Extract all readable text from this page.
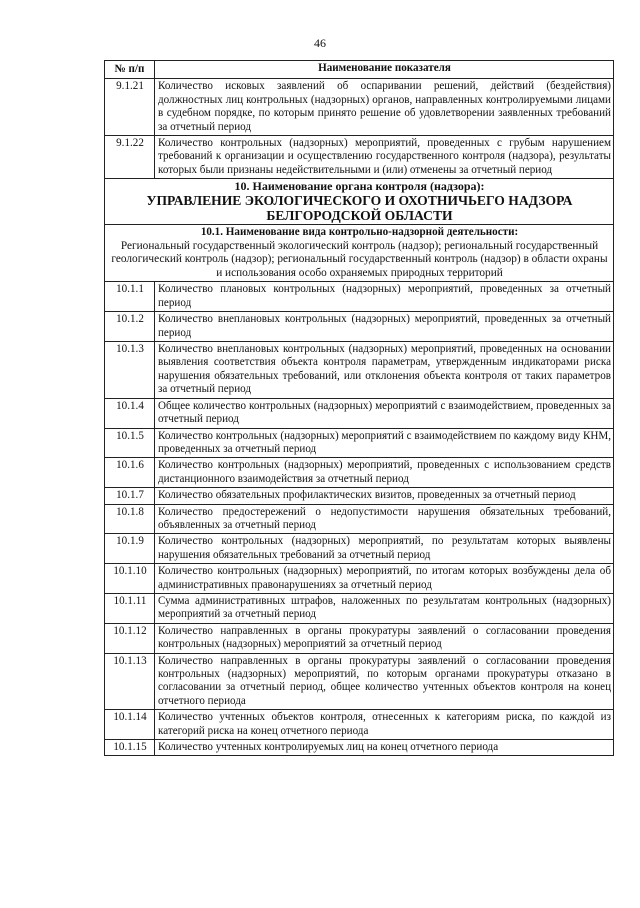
46
№ п/п	Наименование показателя
9.1.21	Количество исковых заявлений об оспаривании решений, действий (бездействия) должностных лиц контрольных (надзорных) органов, направленных контролируемыми лицами в судебном порядке, по которым принято решение об удовлетворении заявленных требований за отчетный период
9.1.22	Количество контрольных (надзорных) мероприятий, проведенных с грубым нарушением требований к организации и осуществлению государственного контроля (надзора), результаты которых были признаны недействительными и (или) отменены за отчетный период

10. Наименование органа контроля (надзора):
УПРАВЛЕНИЕ ЭКОЛОГИЧЕСКОГО И ОХОТНИЧЬЕГО НАДЗОРА БЕЛГОРОДСКОЙ ОБЛАСТИ	

10.1. Наименование вида контрольно-надзорной деятельности:
Региональный государственный экологический контроль (надзор); региональный государственный геологический контроль (надзор); региональный государственный контроль (надзор) в области охраны и использования особо охраняемых природных территорий	

10.1.1	Количество плановых контрольных (надзорных) мероприятий, проведенных за отчетный период
10.1.2	Количество внеплановых контрольных (надзорных) мероприятий, проведенных за отчетный период
10.1.3	Количество внеплановых контрольных (надзорных) мероприятий, проведенных на основании выявления соответствия объекта контроля параметрам, утвержденным индикаторами риска нарушения обязательных требований, или отклонения объекта контроля от таких параметров за отчетный период
10.1.4	Общее количество контрольных (надзорных) мероприятий с взаимодействием, проведенных за отчетный период
10.1.5	Количество контрольных (надзорных) мероприятий с взаимодействием по каждому виду КНМ, проведенных за отчетный период
10.1.6	Количество контрольных (надзорных) мероприятий, проведенных с использованием средств дистанционного взаимодействия за отчетный период
10.1.7	Количество обязательных профилактических визитов, проведенных за отчетный период
10.1.8	Количество предостережений о недопустимости нарушения обязательных требований, объявленных за отчетный период
10.1.9	Количество контрольных (надзорных) мероприятий, по результатам которых выявлены нарушения обязательных требований за отчетный период
10.1.10	Количество контрольных (надзорных) мероприятий, по итогам которых возбуждены дела об административных правонарушениях за отчетный период
10.1.11	Сумма административных штрафов, наложенных по результатам контрольных (надзорных) мероприятий за отчетный период
10.1.12	Количество направленных в органы прокуратуры заявлений о согласовании проведения контрольных (надзорных) мероприятий за отчетный период
10.1.13	Количество направленных в органы прокуратуры заявлений о согласовании проведения контрольных (надзорных) мероприятий, по которым органами прокуратуры отказано в согласовании за отчетный период, общее количество учтенных объектов контроля на конец отчетного периода
10.1.14	Количество учтенных объектов контроля, отнесенных к категориям риска, по каждой из категорий риска на конец отчетного периода
10.1.15	Количество учтенных контролируемых лиц на конец отчетного периода
